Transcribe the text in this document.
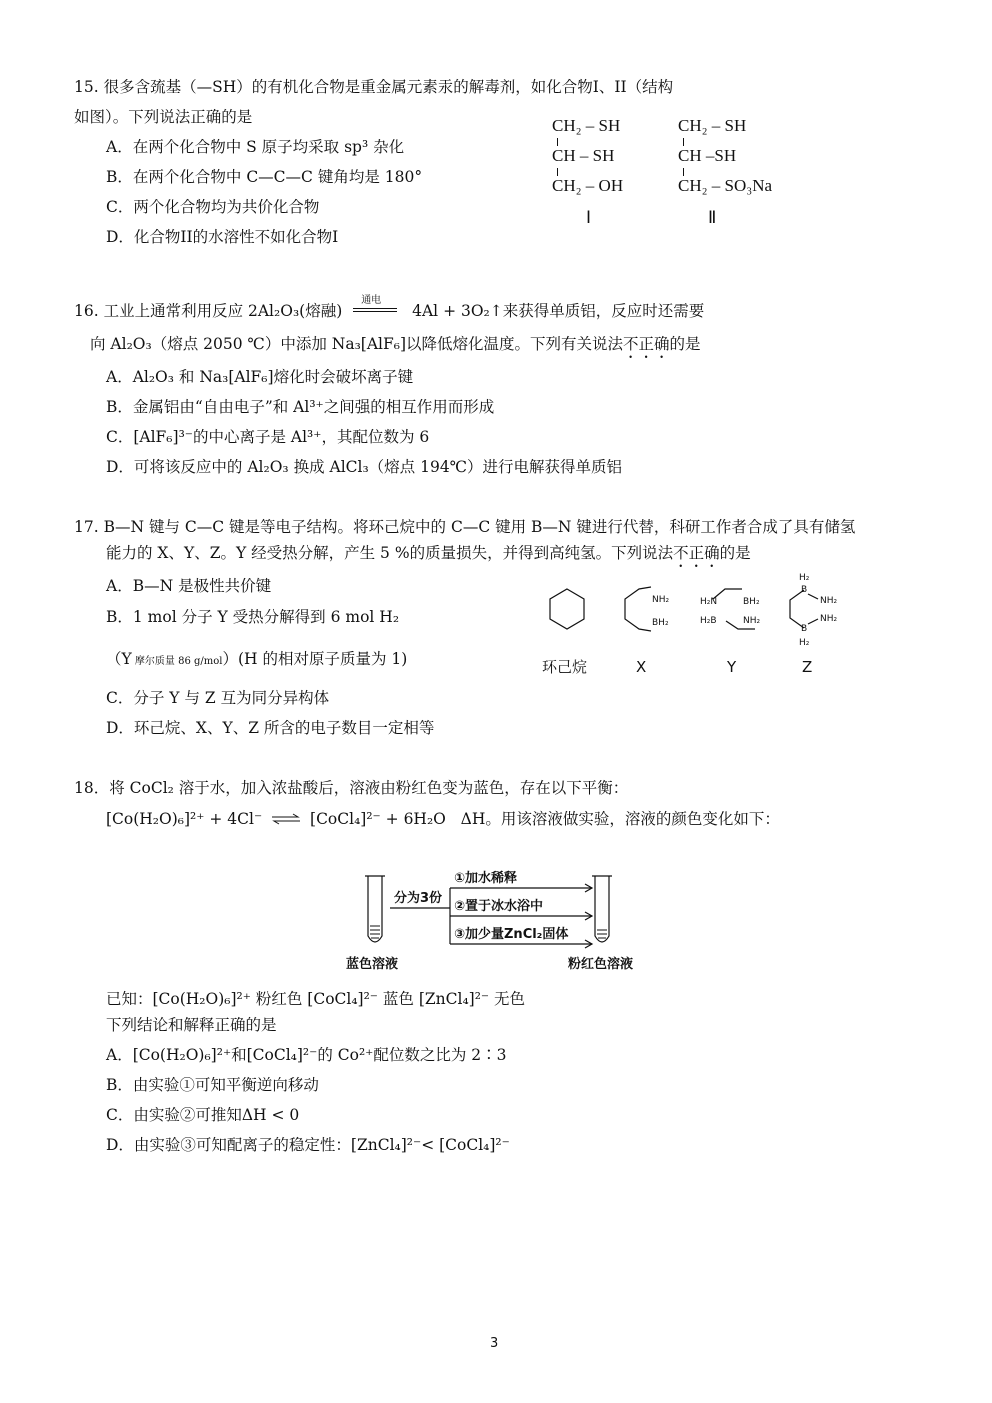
15. 很多含巯基（—SH）的有机化合物是重金属元素汞的解毒剂，如化合物I、II（结构
如图）。下列说法正确的是
A．在两个化合物中 S 原子均采取 sp³ 杂化
B．在两个化合物中 C—C—C 键角均是 180°
C．两个化合物均为共价化合物
D．化合物II的水溶性不如化合物I
CH₂ – SH
CH – SH
CH₂ – OH
Ⅰ
CH₂ – SH
CH –SH
CH₂ – SO₃Na
Ⅱ
16. 工业上通常利用反应 2Al₂O₃(熔融)
通电
4Al + 3O₂↑来获得单质铝，反应时还需要
向 Al₂O₃（熔点 2050 ℃）中添加 Na₃[AlF₆]以降低熔化温度。下列有关说法不正确的是
A．Al₂O₃ 和 Na₃[AlF₆]熔化时会破坏离子键
B．金属铝由“自由电子”和 Al³⁺之间强的相互作用而形成
C．[AlF₆]³⁻的中心离子是 Al³⁺，其配位数为 6
D．可将该反应中的 Al₂O₃ 换成 AlCl₃（熔点 194℃）进行电解获得单质铝
17. B—N 键与 C—C 键是等电子结构。将环己烷中的 C—C 键用 B—N 键进行代替，科研工作者合成了具有储氢
能力的 X、Y、Z。Y 经受热分解，产生 5 %的质量损失，并得到高纯氢。下列说法不正确的是
A．B—N 是极性共价键
B．1 mol 分子 Y 受热分解得到 6 mol H₂
（Y 摩尔质量 86 g/mol）(H 的相对原子质量为 1)
C．分子 Y 与 Z 互为同分异构体
D．环己烷、X、Y、Z 所含的电子数目一定相等
NH₂
BH₂
H₂N	BH₂
H₂B	NH₂
H₂
B
NH₂
NH₂
B
H₂
环己烷	X	Y	Z
18．将 CoCl₂ 溶于水，加入浓盐酸后，溶液由粉红色变为蓝色，存在以下平衡：
[Co(H₂O)₆]²⁺ + 4Cl⁻ ⇌ [CoCl₄]²⁻ + 6H₂O ΔH。用该溶液做实验，溶液的颜色变化如下：
分为3份
①加水稀释
②置于冰水浴中
③加少量ZnCl₂固体
蓝色溶液	粉红色溶液
已知：[Co(H₂O)₆]²⁺ 粉红色 [CoCl₄]²⁻ 蓝色 [ZnCl₄]²⁻ 无色
下列结论和解释正确的是
A．[Co(H₂O)₆]²⁺和[CoCl₄]²⁻的 Co²⁺配位数之比为 2∶3
B．由实验①可知平衡逆向移动
C．由实验②可推知ΔH < 0
D．由实验③可知配离子的稳定性：[ZnCl₄]²⁻< [CoCl₄]²⁻
3
